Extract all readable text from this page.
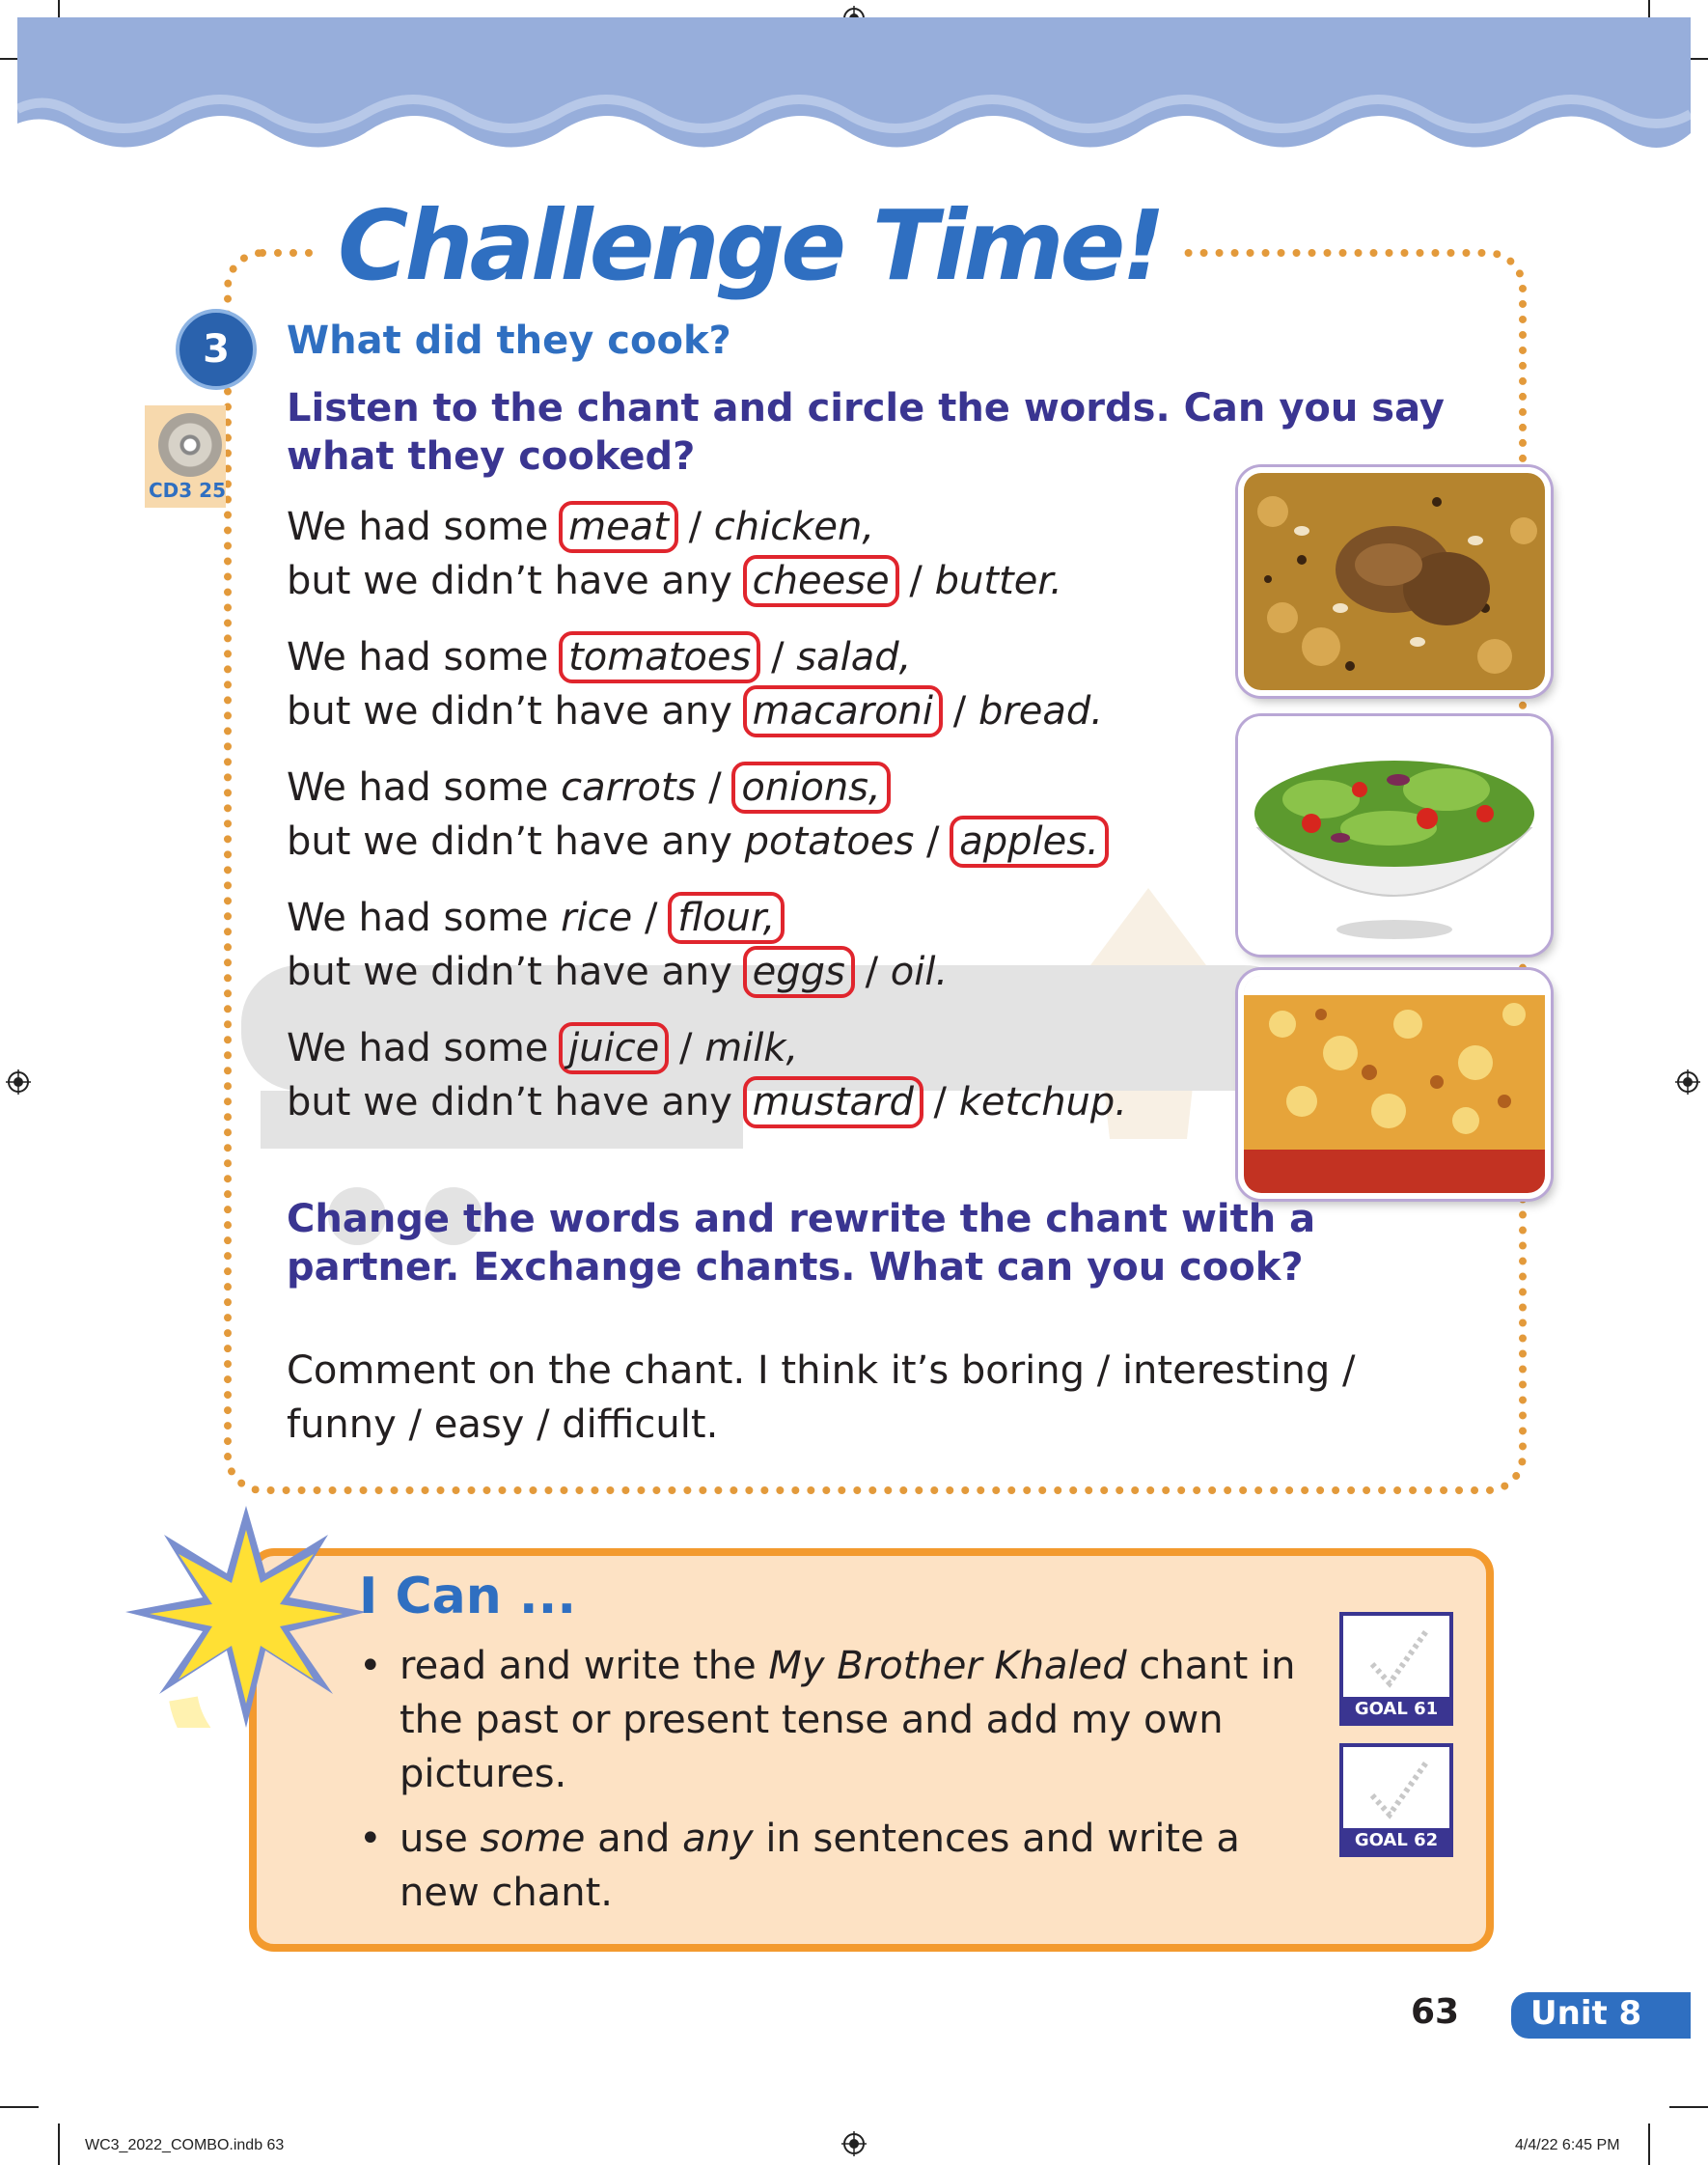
Challenge Time!
3	What did they cook?
CD3 25
Listen to the chant and circle the words. Can you say what they cooked?
We had some meat / chicken,
but we didn’t have any cheese / butter.
We had some tomatoes / salad,
but we didn’t have any macaroni / bread.
We had some carrots / onions,
but we didn’t have any potatoes / apples.
We had some rice / flour,
but we didn’t have any eggs / oil.
We had some juice / milk,
but we didn’t have any mustard / ketchup.
Change the words and rewrite the chant with a partner. Exchange chants. What can you cook?
Comment on the chant. I think it’s boring / interesting / funny / easy / difficult.
I Can ...
• read and write the My Brother Khaled chant in the past or present tense and add my own pictures.
• use some and any in sentences and write a new chant.
GOAL 61
GOAL 62
63	Unit 8
WC3_2022_COMBO.indb 63	4/4/22 6:45 PM
